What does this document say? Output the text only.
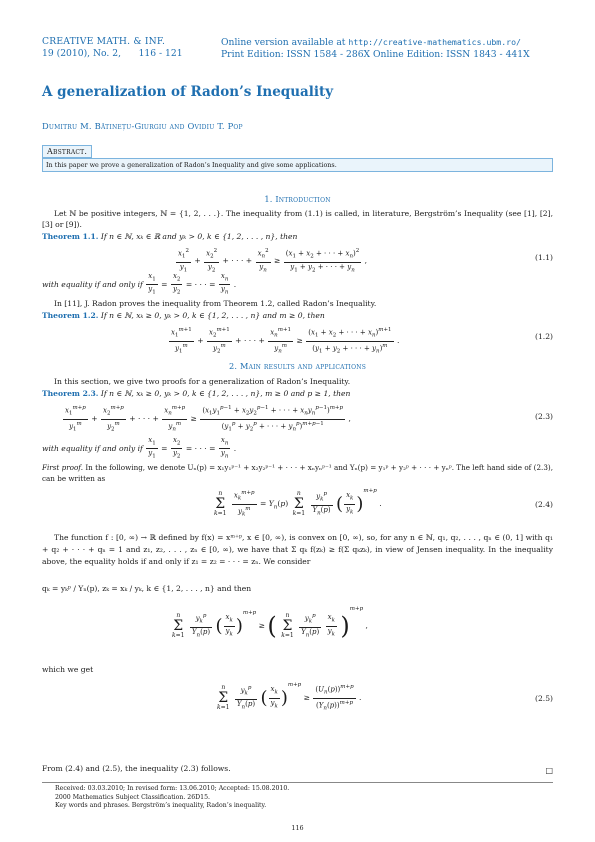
CREATIVE MATH. & INF.
19 (2010), No. 2, 116 - 121
Online version available at http://creative-mathematics.ubm.ro/
Print Edition: ISSN 1584 - 286X Online Edition: ISSN 1843 - 441X
A generalization of Radon’s Inequality
Dumitru M. Bătinețu-Giurgiu and Ovidiu T. Pop
Abstract.
In this paper we prove a generalization of Radon’s Inequality and give some applications.
1. Introduction
Let ℕ be positive integers, ℕ = {1, 2, . . .}. The inequality from (1.1) is called, in literature, Bergström’s Inequality (see [1], [2], [3] or [9]).
Theorem 1.1. If n ∈ ℕ, xₖ ∈ ℝ and yₖ > 0, k ∈ {1, 2, . . . , n}, then
$\frac{x_1^2}{y_1} + \frac{x_2^2}{y_2}$ + · · · + $\frac{x_n^2}{y_n} \ge \frac{(x_1 + x_2 + \cdot \cdot \cdot + x_n)^2}{y_1 + y_2 + \cdot \cdot \cdot + y_n}$ ,	(1.1)
with equality if and only if $\frac{x_1}{y_1} = \frac{x_2}{y_2}$ = · · · = $\frac{x_n}{y_n}$ .
In [11], J. Radon proves the inequality from Theorem 1.2, called Radon’s Inequality.
Theorem 1.2. If n ∈ ℕ, xₖ ≥ 0, yₖ > 0, k ∈ {1, 2, . . . , n} and m ≥ 0, then
$\frac{x_1^{m+1}}{y_1^m} + \frac{x_2^{m+1}}{y_2^m}$ + · · · + $\frac{x_n^{m+1}}{y_n^m} \ge \frac{(x_1 + x_2 + \cdot \cdot \cdot + x_n)^{m+1}}{(y_1 + y_2 + \cdot \cdot \cdot + y_n)^m}$ .	(1.2)
2. Main results and applications
In this section, we give two proofs for a generalization of Radon’s Inequality.
Theorem 2.3. If n ∈ ℕ, xₖ ≥ 0, yₖ > 0, k ∈ {1, 2, . . . , n}, m ≥ 0 and p ≥ 1, then
$\frac{x_1^{m+p}}{y_1^m} + \frac{x_2^{m+p}}{y_2^m}$ + · · · + $\frac{x_n^{m+p}}{y_n^m} \ge \frac{(x_1y_1^{p-1} + x_2y_2^{p-1} + \cdot \cdot \cdot + x_ny_n^{p-1})^{m+p}}{(y_1^p + y_2^p + \cdot \cdot \cdot + y_n^p)^{m+p-1}}$ ,	(2.3)
with equality if and only if $\frac{x_1}{y_1} = \frac{x_2}{y_2}$ = · · · = $\frac{x_n}{y_n}$ .
First proof. In the following, we denote Uₙ(p) = x₁y₁ᵖ⁻¹ + x₂y₂ᵖ⁻¹ + · · · + xₙyₙᵖ⁻¹ and Yₙ(p) = y₁ᵖ + y₂ᵖ + · · · + yₙᵖ. The left hand side of (2.3), can be written as
n
Σ
$k=1 \frac{x_k^{m+p}}{y_k^m} = Y_n(p)$ n
Σ
$k=1 \frac{y_k^p}{Y_n(p)}$ ( $\frac{x_k}{y_k} )^{m+p}$ .	(2.4)
The function f : [0, ∞) → ℝ defined by f(x) = xᵐ⁺ᵖ, x ∈ [0, ∞), is convex on [0, ∞), so, for any n ∈ ℕ, q₁, q₂, . . . , qₙ ∈ (0, 1] with q₁ + q₂ + · · · + qₙ = 1 and z₁, z₂, . . . , zₙ ∈ [0, ∞), we have that Σ qₖ f(zₖ) ≥ f(Σ qₖzₖ), in view of Jensen inequality. In the inequality above, the equality holds if and only if z₁ = z₂ = · · · = zₙ. We consider
qₖ = yₖᵖ / Yₙ(p), zₖ = xₖ / yₖ, k ∈ {1, 2, . . . , n} and then
n
Σ
$k=1 \frac{y_k^p}{Y_n(p)}$ ( $\frac{x_k}{y_k} )^{m+p}$ ≥ ( n
Σ
$k=1 \frac{y_k^p}{Y_n(p)}$
$\frac{x_k}{y_k} )^{m+p}$ ,
which we get
n
Σ
$k=1 \frac{y_k^p}{Y_n(p)}$ ( $\frac{x_k}{y_k} )^{m+p} \ge \frac{(U_n(p))^{m+p}}{(Y_n(p))^{m+p}}$ .	(2.5)
From (2.4) and (2.5), the inequality (2.3) follows.	□
Received: 03.03.2010; In revised form: 13.06.2010; Accepted: 15.08.2010.
2000 Mathematics Subject Classification. 26D15.
Key words and phrases. Bergström’s inequality, Radon’s inequality.
116
